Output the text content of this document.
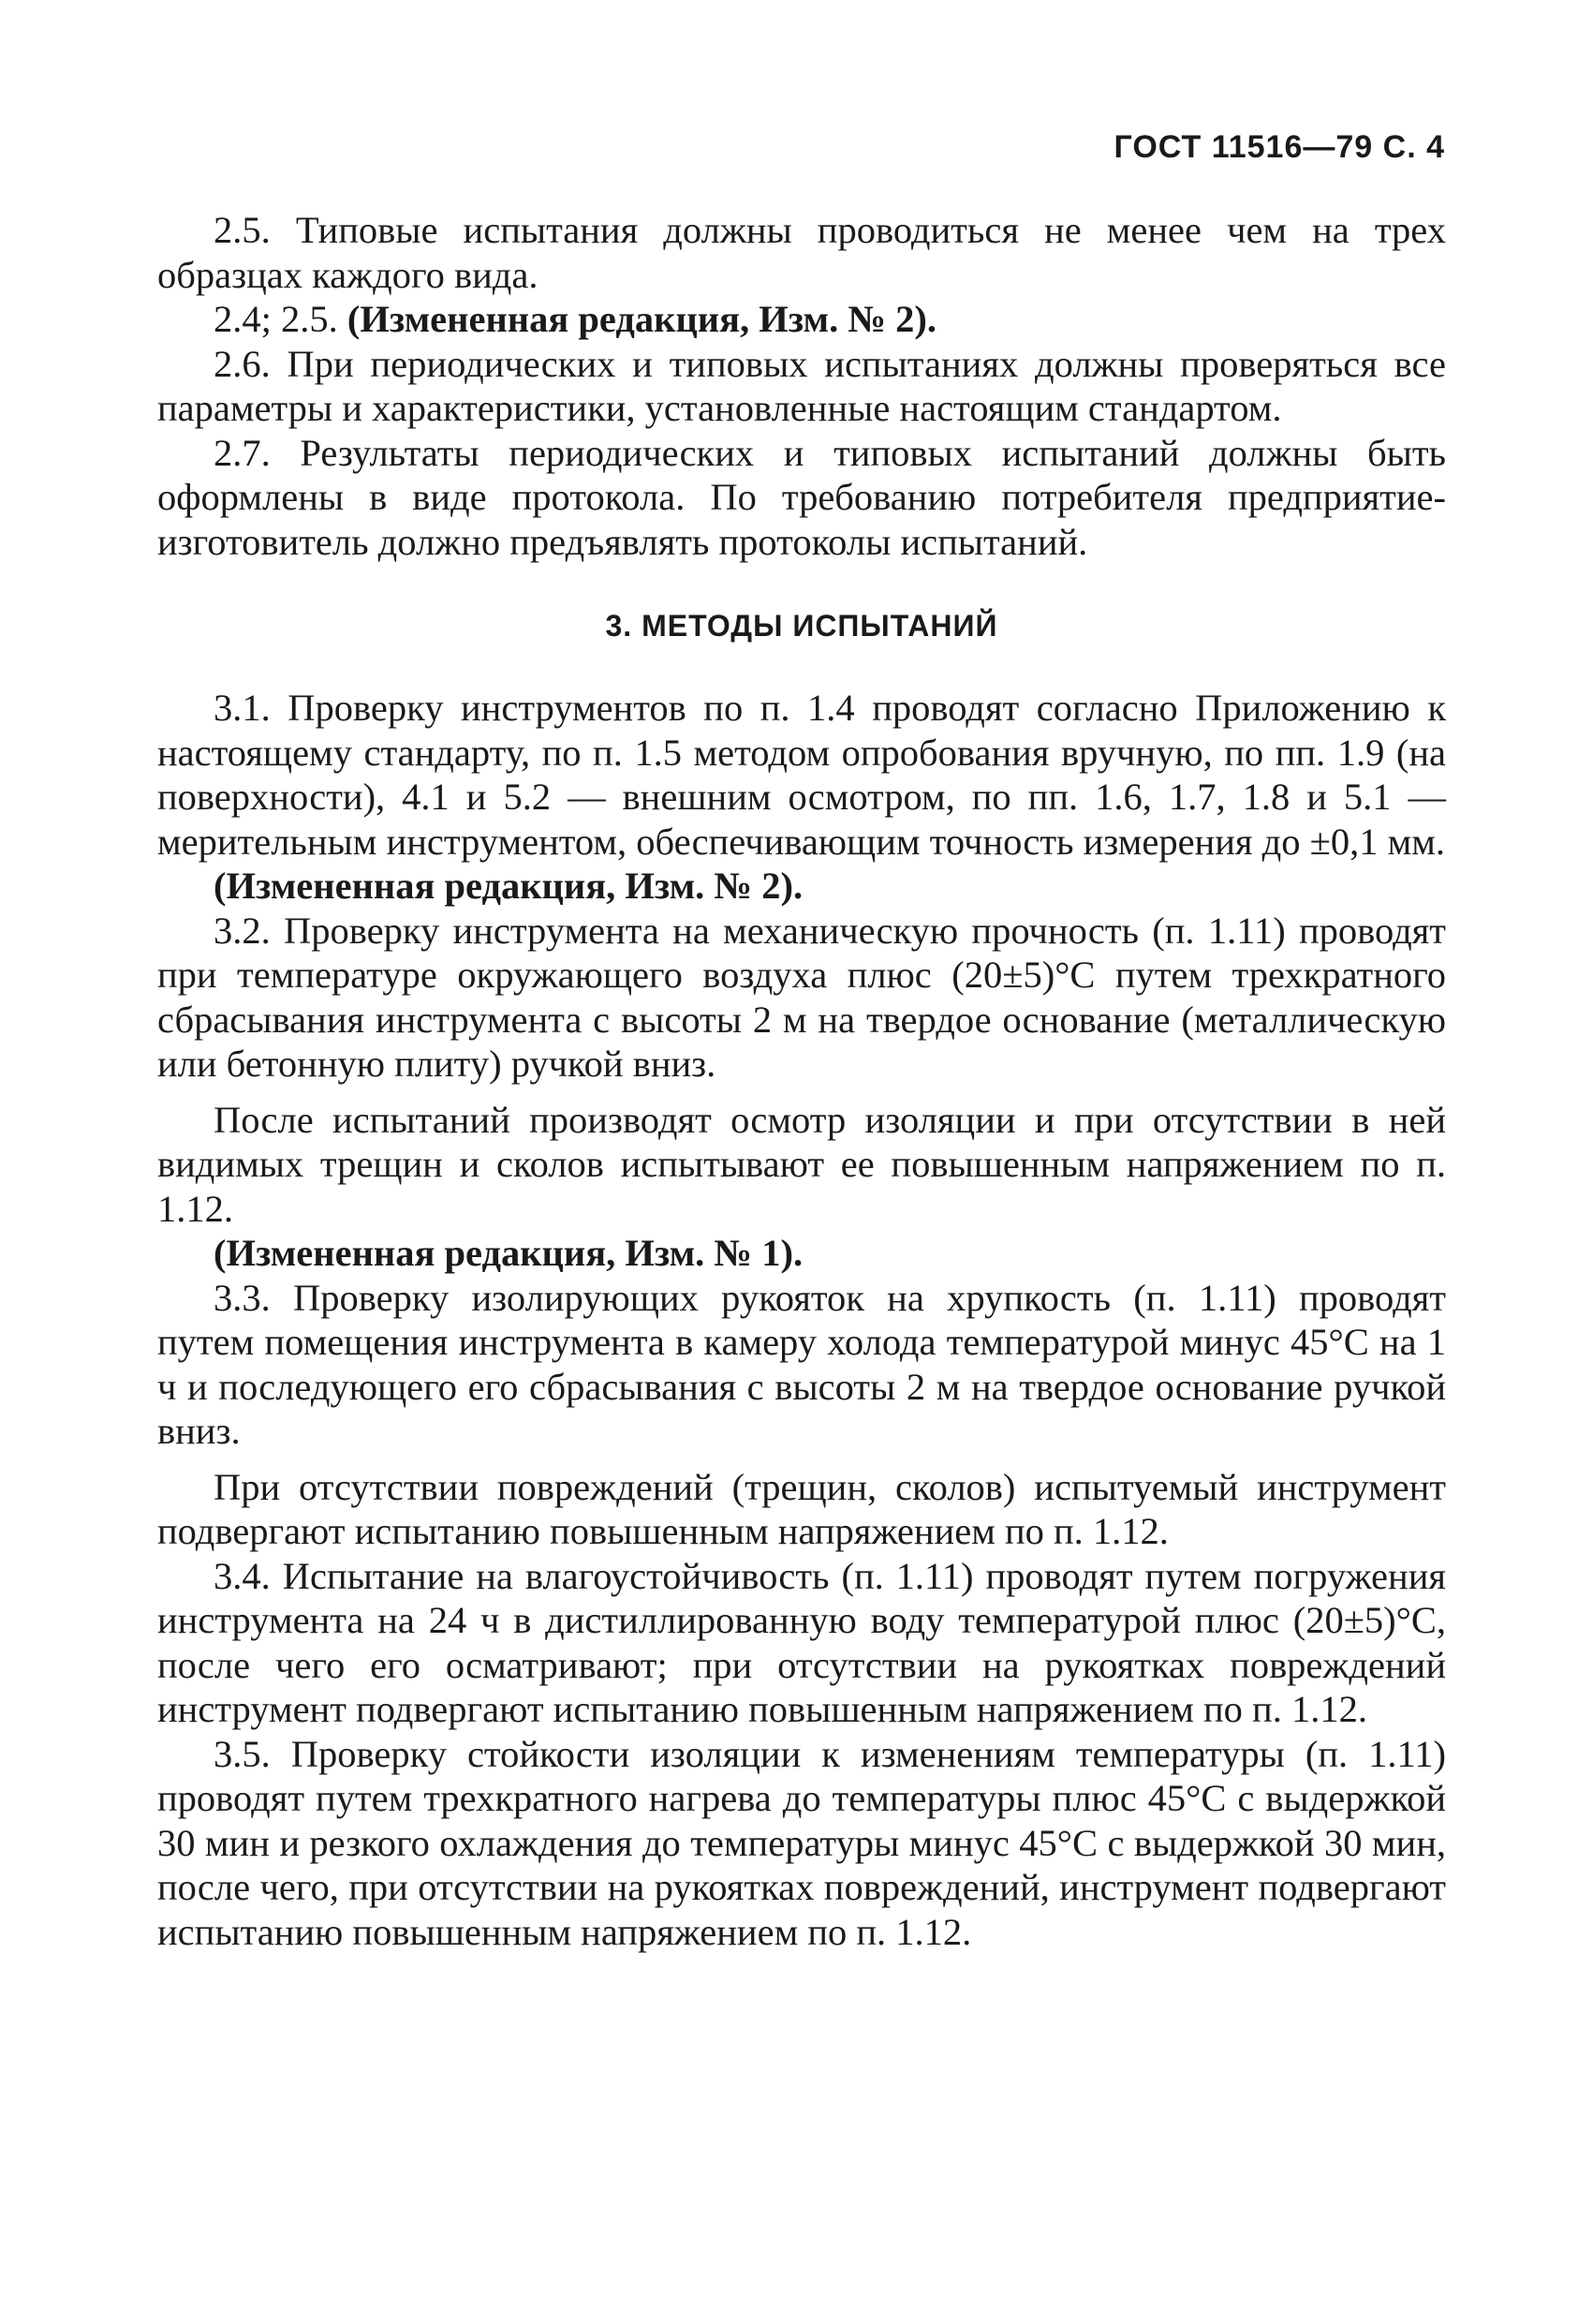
ГОСТ 11516—79 С. 4

2.5. Типовые испытания должны проводиться не менее чем на трех образцах каждого вида.

2.4; 2.5. (Измененная редакция, Изм. № 2).

2.6. При периодических и типовых испытаниях должны проверяться все параметры и характеристики, установленные настоящим стандартом.

2.7. Результаты периодических и типовых испытаний должны быть оформлены в виде протокола. По требованию потребителя предприятие-изготовитель должно предъявлять протоколы испытаний.

3. МЕТОДЫ ИСПЫТАНИЙ

3.1. Проверку инструментов по п. 1.4 проводят согласно Приложению к настоящему стандарту, по п. 1.5 методом опробования вручную, по пп. 1.9 (на поверхности), 4.1 и 5.2 — внешним осмотром, по пп. 1.6, 1.7, 1.8 и 5.1 — мерительным инструментом, обеспечивающим точность измерения до ±0,1 мм.

(Измененная редакция, Изм. № 2).

3.2. Проверку инструмента на механическую прочность (п. 1.11) проводят при температуре окружающего воздуха плюс (20±5)°С путем трехкратного сбрасывания инструмента с высоты 2 м на твердое основание (металлическую или бетонную плиту) ручкой вниз.

После испытаний производят осмотр изоляции и при отсутствии в ней видимых трещин и сколов испытывают ее повышенным напряжением по п. 1.12.

(Измененная редакция, Изм. № 1).

3.3. Проверку изолирующих рукояток на хрупкость (п. 1.11) проводят путем помещения инструмента в камеру холода температурой минус 45°С на 1 ч и последующего его сбрасывания с высоты 2 м на твердое основание ручкой вниз.

При отсутствии повреждений (трещин, сколов) испытуемый инструмент подвергают испытанию повышенным напряжением по п. 1.12.

3.4. Испытание на влагоустойчивость (п. 1.11) проводят путем погружения инструмента на 24 ч в дистиллированную воду температурой плюс (20±5)°С, после чего его осматривают; при отсутствии на рукоятках повреждений инструмент подвергают испытанию повышенным напряжением по п. 1.12.

3.5. Проверку стойкости изоляции к изменениям температуры (п. 1.11) проводят путем трехкратного нагрева до температуры плюс 45°С с выдержкой 30 мин и резкого охлаждения до температуры минус 45°С с выдержкой 30 мин, после чего, при отсутствии на рукоятках повреждений, инструмент подвергают испытанию повышенным напряжением по п. 1.12.
